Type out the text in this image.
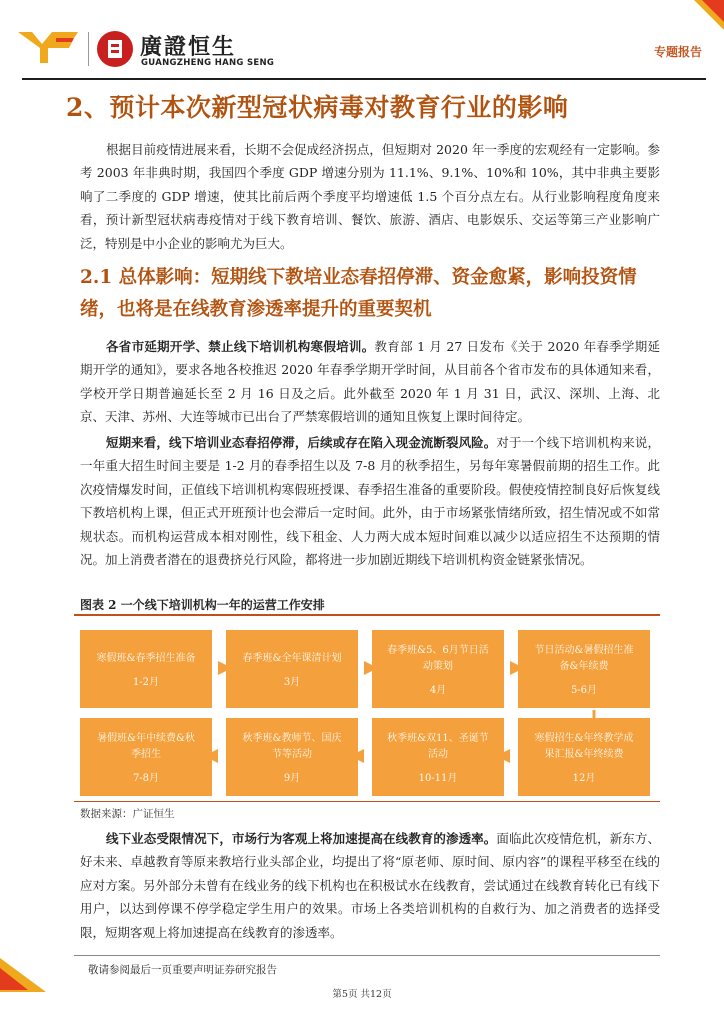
廣證恒生
GUANGZHENG HANG SENG
专题报告
2、预计本次新型冠状病毒对教育行业的影响
根据目前疫情进展来看，长期不会促成经济拐点，但短期对 2020 年一季度的宏观经有一定影响。参考 2003 年非典时期，我国四个季度 GDP 增速分别为 11.1%、9.1%、10%和 10%，其中非典主要影响了二季度的 GDP 增速，使其比前后两个季度平均增速低 1.5 个百分点左右。从行业影响程度角度来看，预计新型冠状病毒疫情对于线下教育培训、餐饮、旅游、酒店、电影娱乐、交运等第三产业影响广泛，特别是中小企业的影响尤为巨大。
2.1 总体影响：短期线下教培业态春招停滞、资金愈紧，影响投资情绪，也将是在线教育渗透率提升的重要契机
各省市延期开学、禁止线下培训机构寒假培训。教育部 1 月 27 日发布《关于 2020 年春季学期延期开学的通知》，要求各地各校推迟 2020 年春季学期开学时间，从目前各个省市发布的具体通知来看，学校开学日期普遍延长至 2 月 16 日及之后。此外截至 2020 年 1 月 31 日，武汉、深圳、上海、北京、天津、苏州、大连等城市已出台了严禁寒假培训的通知且恢复上课时间待定。
短期来看，线下培训业态春招停滞，后续或存在陷入现金流断裂风险。对于一个线下培训机构来说，一年重大招生时间主要是 1-2 月的春季招生以及 7-8 月的秋季招生，另每年寒暑假前期的招生工作。此次疫情爆发时间，正值线下培训机构寒假班授课、春季招生准备的重要阶段。假使疫情控制良好后恢复线下教培机构上课，但正式开班预计也会滞后一定时间。此外，由于市场紧张情绪所致，招生情况或不如常规状态。而机构运营成本相对刚性，线下租金、人力两大成本短时间难以减少以适应招生不达预期的情况。加上消费者潜在的退费挤兑行风险，都将进一步加剧近期线下培训机构资金链紧张情况。
图表 2 一个线下培训机构一年的运营工作安排
寒假班&春季招生准备
1-2月
春季班&全年课清计划
3月
春季班&5、6月节日活动策划
4月
节日活动&暑假招生准备&年续费
5-6月
暑假班&年中续费&秋季招生
7-8月
秋季班&教师节、国庆节等活动
9月
秋季班&双11、圣诞节活动
10-11月
寒假招生&年终教学成果汇报&年终续费
12月
数据来源：广证恒生
线下业态受限情况下，市场行为客观上将加速提高在线教育的渗透率。面临此次疫情危机，新东方、好未来、卓越教育等原来教培行业头部企业，均提出了将“原老师、原时间、原内容”的课程平移至在线的应对方案。另外部分未曾有在线业务的线下机构也在积极试水在线教育，尝试通过在线教育转化已有线下用户，以达到停课不停学稳定学生用户的效果。市场上各类培训机构的自救行为、加之消费者的选择受限，短期客观上将加速提高在线教育的渗透率。
敬请参阅最后一页重要声明证券研究报告
第5页 共12页
